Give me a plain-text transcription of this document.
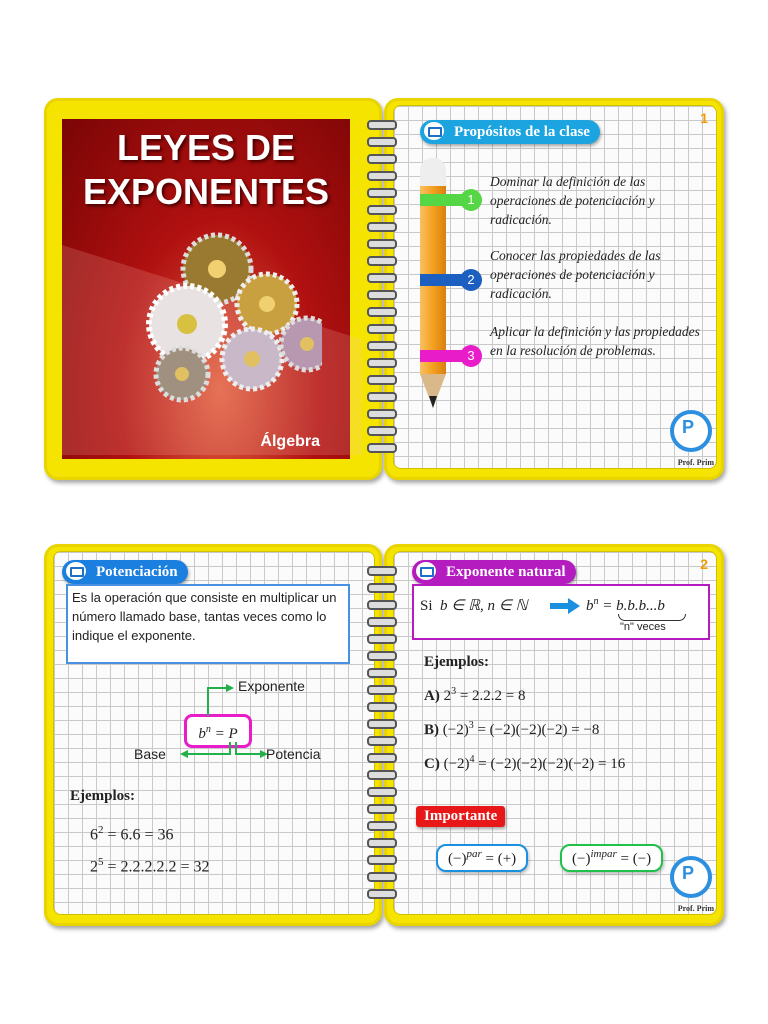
LEYES DE
EXPONENTES
Álgebra
1
Propósitos de la clase
1
Dominar la definición de las operaciones de potenciación y radicación.
2
Conocer las propiedades de las operaciones de potenciación y radicación.
3
Aplicar la definición y las propiedades en la resolución de problemas.
P
Prof. Prim
Potenciación
Es la operación que consiste en multiplicar un número llamado base, tantas veces como lo indique el exponente.
$b^n = P$
Exponente
Base	Potencia
Ejemplos:
$6^2 = 6.6 = 36$
$2^5 = 2.2.2.2.2 = 32$
2
Exponente natural
Si b ∈ ℝ, n ∈ ℕ	$b^n = b.b.b...b$
"n" veces
Ejemplos:
A) $2^3 = 2.2.2 = 8$
B) $(-2)^3 = (-2)(-2)(-2) = -8$
C) $(-2)^4 = (-2)(-2)(-2)(-2) = 16$
Importante
$(-)^{par}$ = (+)	$(-)^{impar}$ = (−)
P
Prof. Prim
